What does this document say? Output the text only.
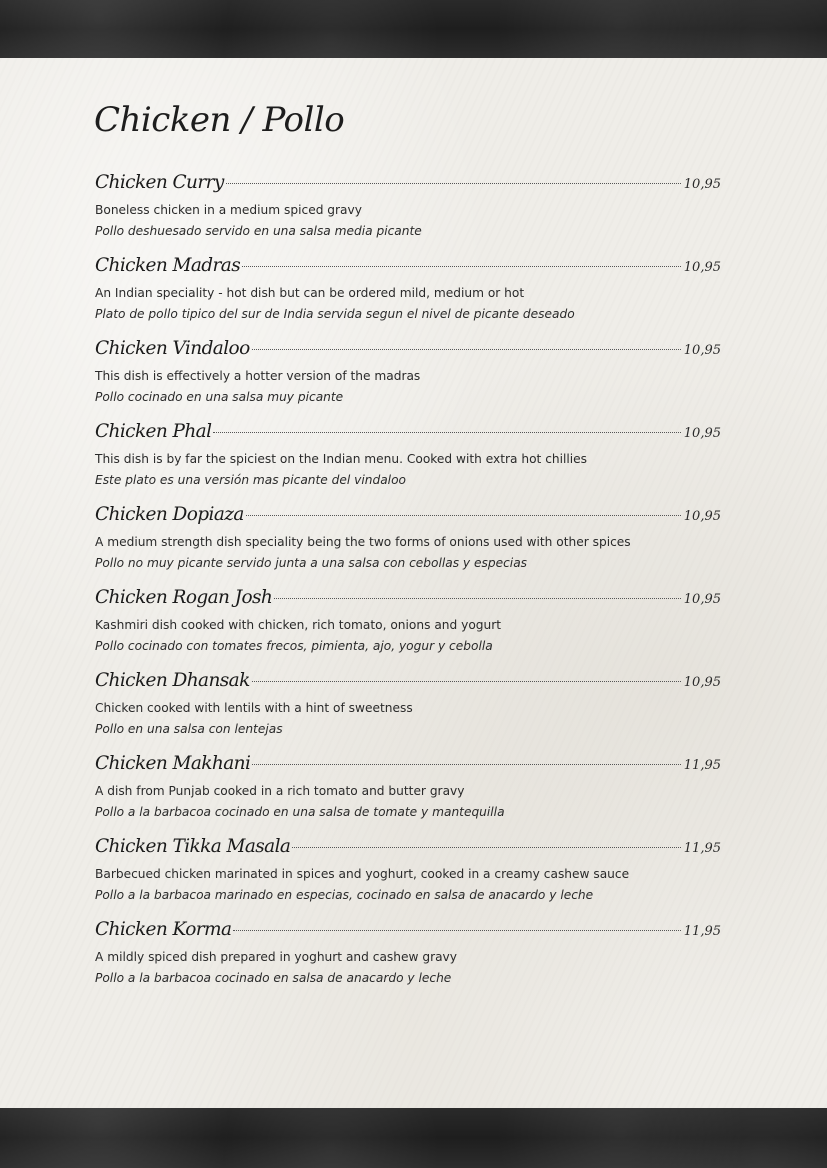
Chicken / Pollo
Chicken Curry	10,95

Boneless chicken in a medium spiced gravy

Pollo deshuesado servido en una salsa media picante

Chicken Madras	10,95

An Indian speciality - hot dish but can be ordered mild, medium or hot

Plato de pollo tipico del sur de India servida segun el nivel de picante deseado

Chicken Vindaloo	10,95

This dish is effectively a hotter version of the madras

Pollo cocinado en una salsa muy picante

Chicken Phal	10,95

This dish is by far the spiciest on the Indian menu. Cooked with extra hot chillies

Este plato es una versión mas picante del vindaloo

Chicken Dopiaza	10,95

A medium strength dish speciality being the two forms of onions used with other spices

Pollo no muy picante servido junta a una salsa con cebollas y especias

Chicken Rogan Josh	10,95

Kashmiri dish cooked with chicken, rich tomato, onions and yogurt

Pollo cocinado con tomates frecos, pimienta, ajo, yogur y cebolla

Chicken Dhansak	10,95

Chicken cooked with lentils with a hint of sweetness

Pollo en una salsa con lentejas

Chicken Makhani	11,95

A dish from Punjab cooked in a rich tomato and butter gravy

Pollo a la barbacoa cocinado en una salsa de tomate y mantequilla

Chicken Tikka Masala	11,95

Barbecued chicken marinated in spices and yoghurt, cooked in a creamy cashew sauce

Pollo a la barbacoa marinado en especias, cocinado en salsa de anacardo y leche

Chicken Korma	11,95

A mildly spiced dish prepared in yoghurt and cashew gravy

Pollo a la barbacoa cocinado en salsa de anacardo y leche
